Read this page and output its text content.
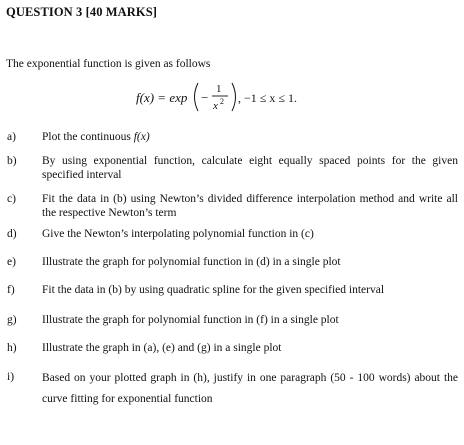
QUESTION 3 [40 MARKS]
The exponential function is given as follows
f(x) = exp −
1
x 2 , −1 ≤ x ≤ 1.
a) Plot the continuous f(x)
b) By using exponential function, calculate eight equally spaced points for the given specified interval
c) Fit the data in (b) using Newton’s divided difference interpolation method and write all the respective Newton’s term
d) Give the Newton’s interpolating polynomial function in (c)
e) Illustrate the graph for polynomial function in (d) in a single plot
f) Fit the data in (b) by using quadratic spline for the given specified interval
g) Illustrate the graph for polynomial function in (f) in a single plot
h) Illustrate the graph in (a), (e) and (g) in a single plot
i) Based on your plotted graph in (h), justify in one paragraph (50 - 100 words) about the curve fitting for exponential function
